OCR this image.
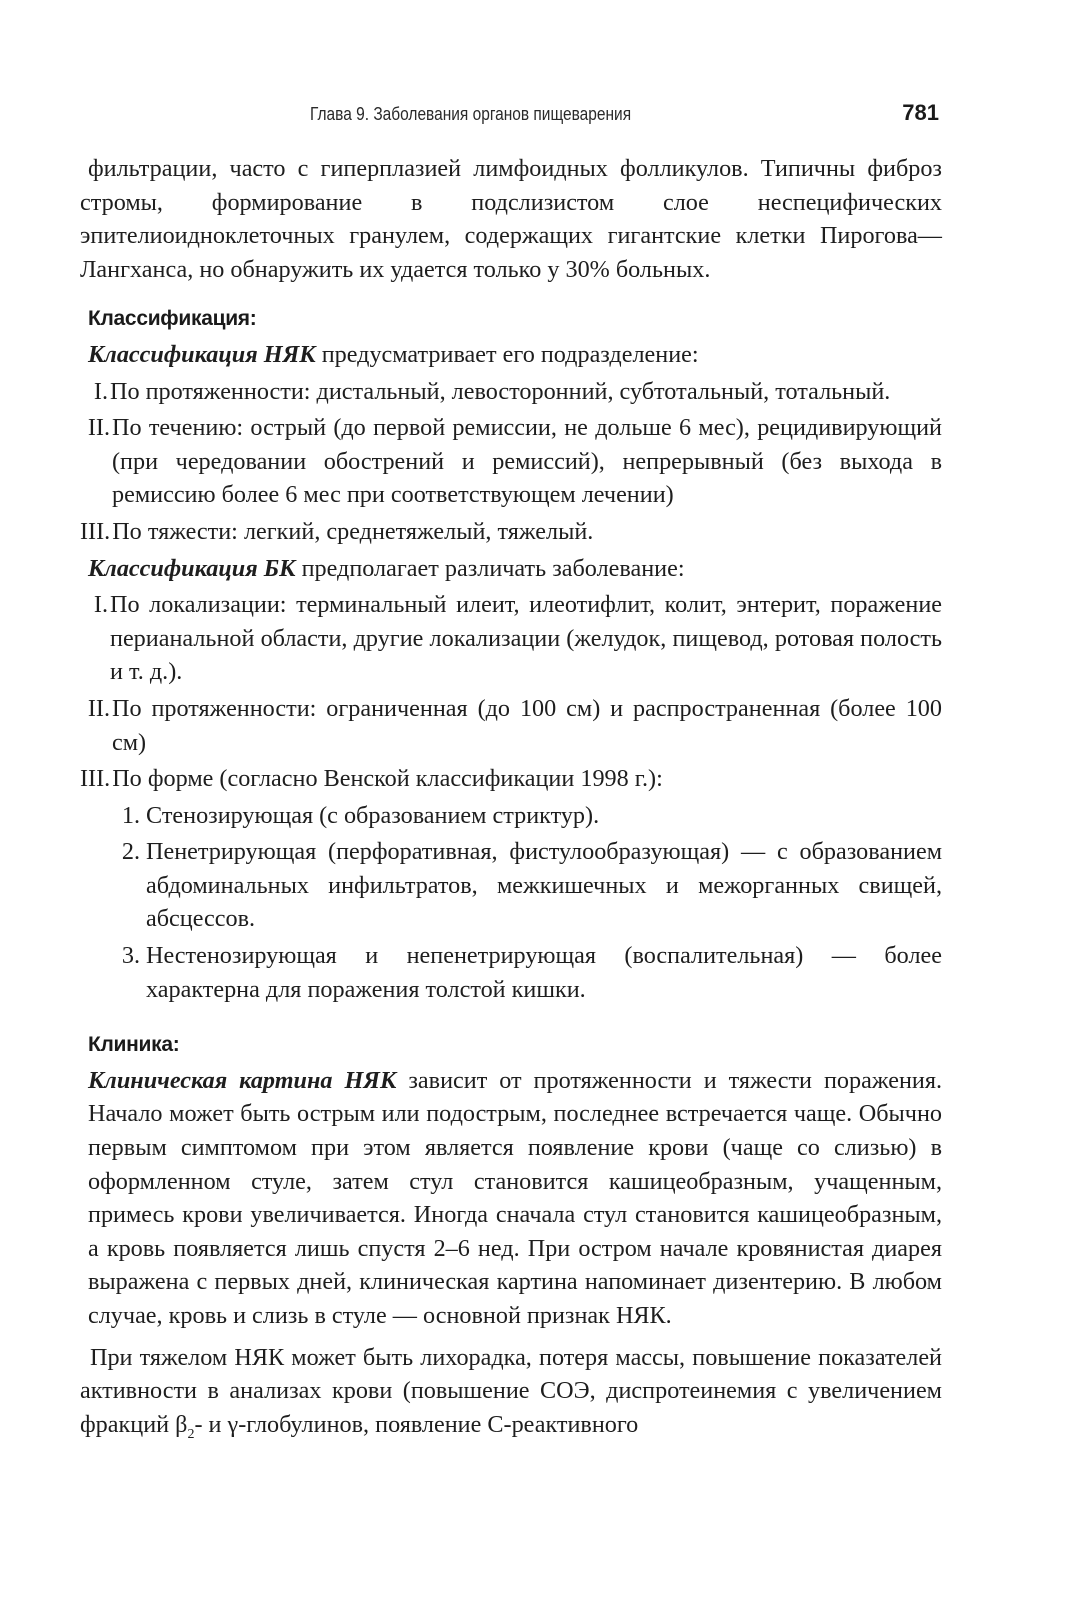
Глава 9. Заболевания органов пищеварения	781

фильтрации, часто с гиперплазией лимфоидных фолликулов. Типичны фиброз стромы, формирование в подслизистом слое неспецифических эпителиоидноклеточных гранулем, содержащих гигантские клетки Пирогова—Лангханса, но обнаружить их удается только у 30% больных.

Классификация:

Классификация НЯК предусматривает его подразделение:

I. По протяженности: дистальный, левосторонний, субтотальный, тотальный.
II. По течению: острый (до первой ремиссии, не дольше 6 мес), рецидивирующий (при чередовании обострений и ремиссий), непрерывный (без выхода в ремиссию более 6 мес при соответствующем лечении)
III. По тяжести: легкий, среднетяжелый, тяжелый.

Классификация БК предполагает различать заболевание:

I. По локализации: терминальный илеит, илеотифлит, колит, энтерит, поражение перианальной области, другие локализации (желудок, пищевод, ротовая полость и т. д.).
II. По протяженности: ограниченная (до 100 см) и распространенная (более 100 см)
III. По форме (согласно Венской классификации 1998 г.):
1. Стенозирующая (с образованием стриктур).
2. Пенетрирующая (перфоративная, фистулообразующая) — с образованием абдоминальных инфильтратов, межкишечных и межорганных свищей, абсцессов.
3. Нестенозирующая и непенетрирующая (воспалительная) — более характерна для поражения толстой кишки.
Клиника:

Клиническая картина НЯК зависит от протяженности и тяжести поражения. Начало может быть острым или подострым, последнее встречается чаще. Обычно первым симптомом при этом является появление крови (чаще со слизью) в оформленном стуле, затем стул становится кашицеобразным, учащенным, примесь крови увеличивается. Иногда сначала стул становится кашицеобразным, а кровь появляется лишь спустя 2–6 нед. При остром начале кровянистая диарея выражена с первых дней, клиническая картина напоминает дизентерию. В любом случае, кровь и слизь в стуле — основной признак НЯК.

При тяжелом НЯК может быть лихорадка, потеря массы, повышение показателей активности в анализах крови (повышение СОЭ, диспротеинемия с увеличением фракций $\beta_2-$ и γ-глобулинов, появление С-реактивного
